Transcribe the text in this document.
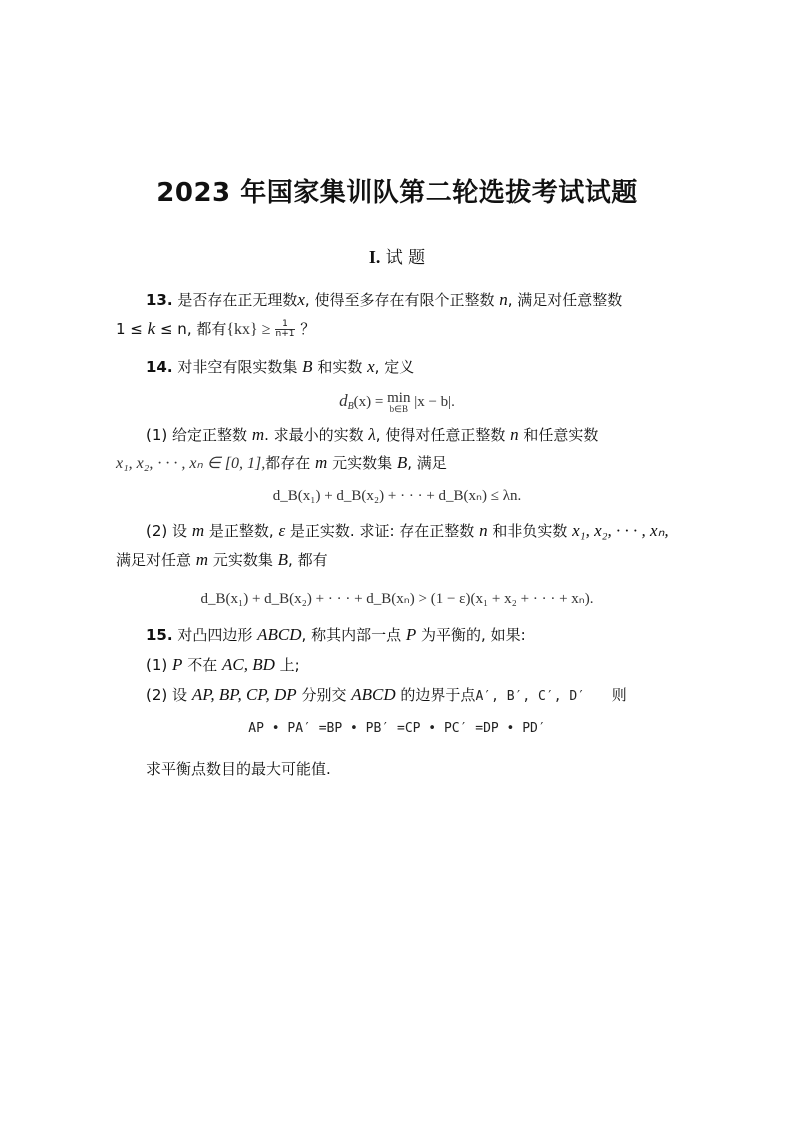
2023 年国家集训队第二轮选拔考试试题
I. 试 题
13. 是否存在正无理数x, 使得至多存在有限个正整数 n, 满足对任意整数
1 ≤ k ≤ n, 都有$\{kx\} \ge \frac{1}{n+1}$ ？
14. 对非空有限实数集 B 和实数 x, 定义
$d_B(x) = \min$
b∈B |x − b|.
(1) 给定正整数 m. 求最小的实数 λ, 使得对任意正整数 n 和任意实数
x₁, x₂, · · · , xₙ ∈ [0, 1],都存在 m 元实数集 B, 满足
d_B(x₁) + d_B(x₂) + · · · + d_B(xₙ) ≤ λn.
(2) 设 m 是正整数, ε 是正实数. 求证: 存在正整数 n 和非负实数 x₁, x₂, · · · , xₙ,
满足对任意 m 元实数集 B, 都有
d_B(x₁) + d_B(x₂) + · · · + d_B(xₙ) > (1 − ε)(x₁ + x₂ + · · · + xₙ).
15. 对凸四边形 ABCD, 称其内部一点 P 为平衡的, 如果:
(1) P 不在 AC, BD 上;
(2) 设 AP, BP, CP, DP 分别交 ABCD 的边界于点A′, B′, C′, D′ 则
AP • PA′ =BP • PB′ =CP • PC′ =DP • PD′
求平衡点数目的最大可能值.
